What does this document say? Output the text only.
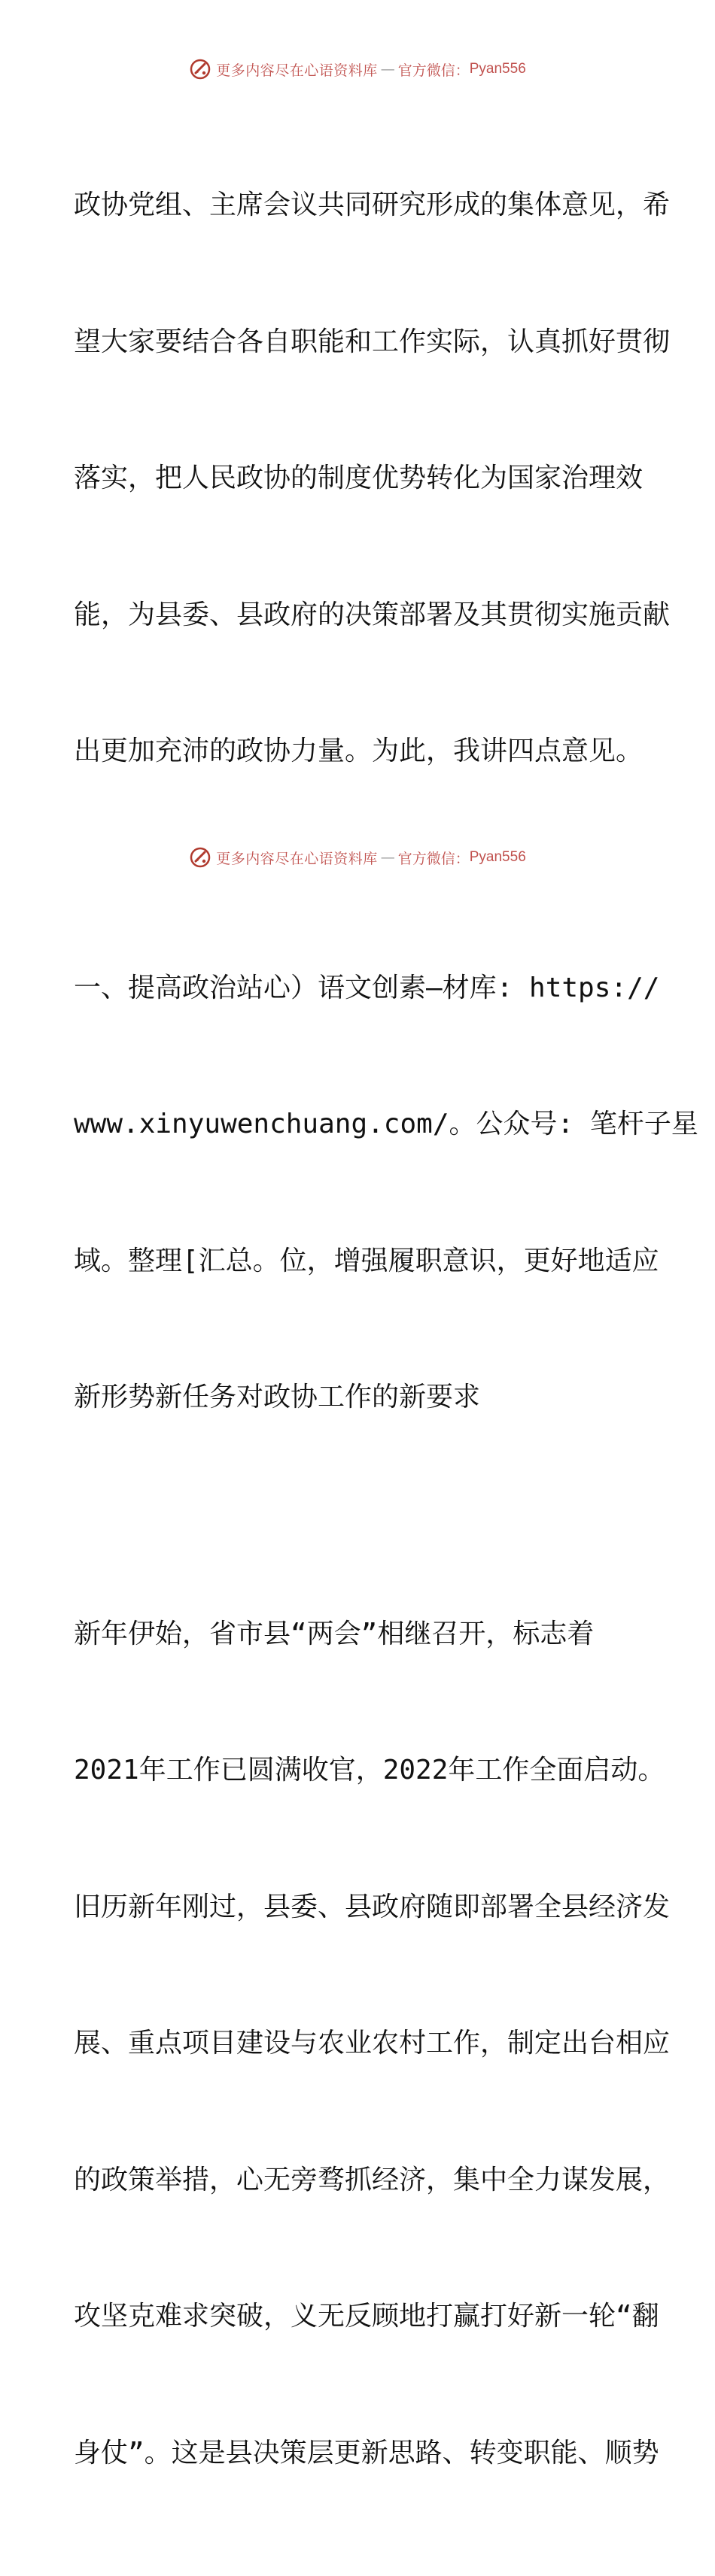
更多内容尽在心语资料库 — 官方微信： Pyan556

政协党组、主席会议共同研究形成的集体意见，希

望大家要结合各自职能和工作实际，认真抓好贯彻

落实，把人民政协的制度优势转化为国家治理效

能，为县委、县政府的决策部署及其贯彻实施贡献

出更加充沛的政协力量。为此，我讲四点意见。

一、提高政治站心）语文创素—材库: https://

www.xinyuwenchuang.com/。公众号: 笔杆子星

域。整理[汇总。位，增强履职意识，更好地适应

新形势新任务对政协工作的新要求

新年伊始，省市县“两会”相继召开，标志着

2021年工作已圆满收官，2022年工作全面启动。

旧历新年刚过，县委、县政府随即部署全县经济发

展、重点项目建设与农业农村工作，制定出台相应

的政策举措，心无旁骛抓经济，集中全力谋发展，

攻坚克难求突破，义无反顾地打赢打好新一轮“翻

身仗”。这是县决策层更新思路、转变职能、顺势

更多内容尽在心语资料库 — 官方微信： Pyan556
